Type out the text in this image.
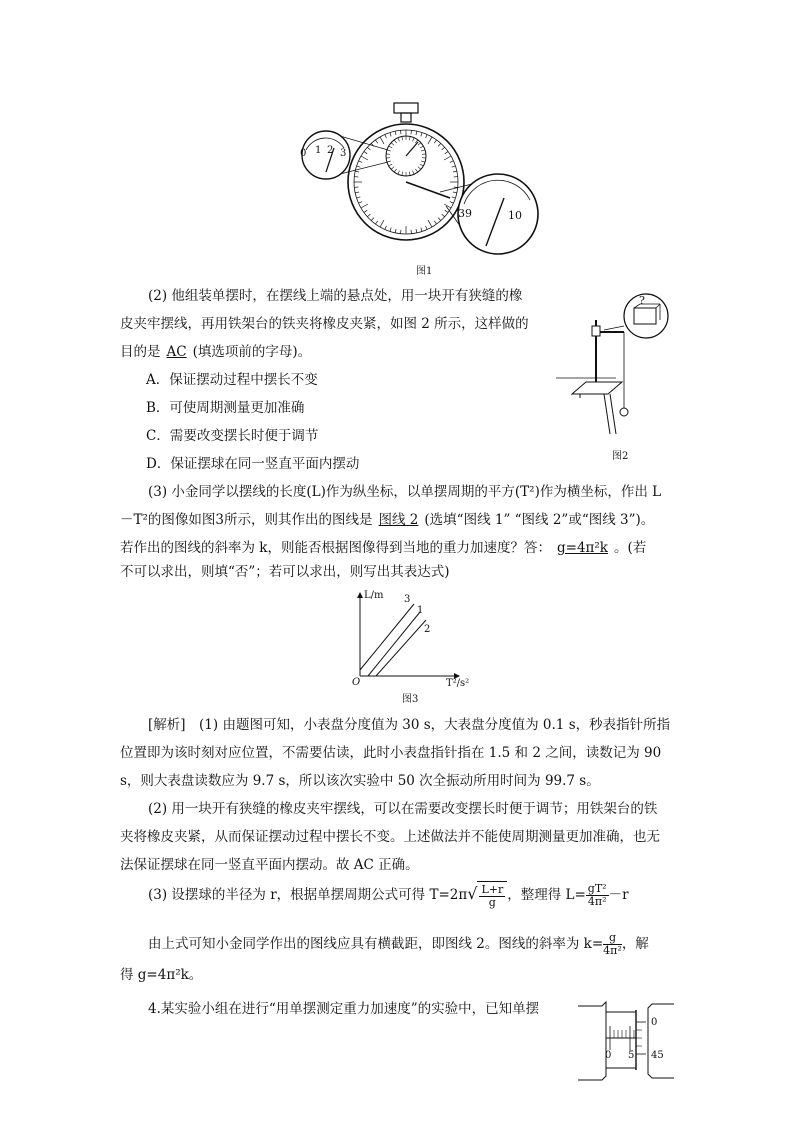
0 1 2 3
39	10
图1
(2) 他组装单摆时，在摆线上端的悬点处，用一块开有狭缝的橡
皮夹牢摆线，再用铁架台的铁夹将橡皮夹紧，如图 2 所示，这样做的
目的是 AC (填选项前的字母)。
A．保证摆动过程中摆长不变
B．可使周期测量更加准确
C．需要改变摆长时便于调节
D．保证摆球在同一竖直平面内摆动
?
图2
(3) 小金同学以摆线的长度(L)作为纵坐标，以单摆周期的平方(T²)作为横坐标，作出 L
－T²的图像如图3所示，则其作出的图线是 图线 2 (选填“图线 1” “图线 2”或“图线 3”)。
若作出的图线的斜率为 k，则能否根据图像得到当地的重力加速度？答： g=4π²k 。(若
不可以求出，则填“否”；若可以求出，则写出其表达式)
L/m
T²/s²
O
3
1
2
图3
[解析]　(1) 由题图可知，小表盘分度值为 30 s，大表盘分度值为 0.1 s，秒表指针所指
位置即为该时刻对应位置，不需要估读，此时小表盘指针指在 1.5 和 2 之间，读数记为 90
s，则大表盘读数应为 9.7 s，所以该次实验中 50 次全振动所用时间为 99.7 s。
(2) 用一块开有狭缝的橡皮夹牢摆线，可以在需要改变摆长时便于调节；用铁架台的铁
夹将橡皮夹紧，从而保证摆动过程中摆长不变。上述做法并不能使周期测量更加准确，也无
法保证摆球在同一竖直平面内摆动。故 AC 正确。
(3) 设摆球的半径为 r，根据单摆周期公式可得 $T=2\pi√ \frac{L+r}{g}$ ，整理得 $L= \frac{\text{gT²}}{\text{4π²}} -r$
由上式可知小金同学作出的图线应具有横截距，即图线 2。图线的斜率为 $k= \frac{g}{\text{4π²}}$ ，解
得 g=4π²k。
4.某实验小组在进行“用单摆测定重力加速度”的实验中，已知单摆
0 5
0
45
